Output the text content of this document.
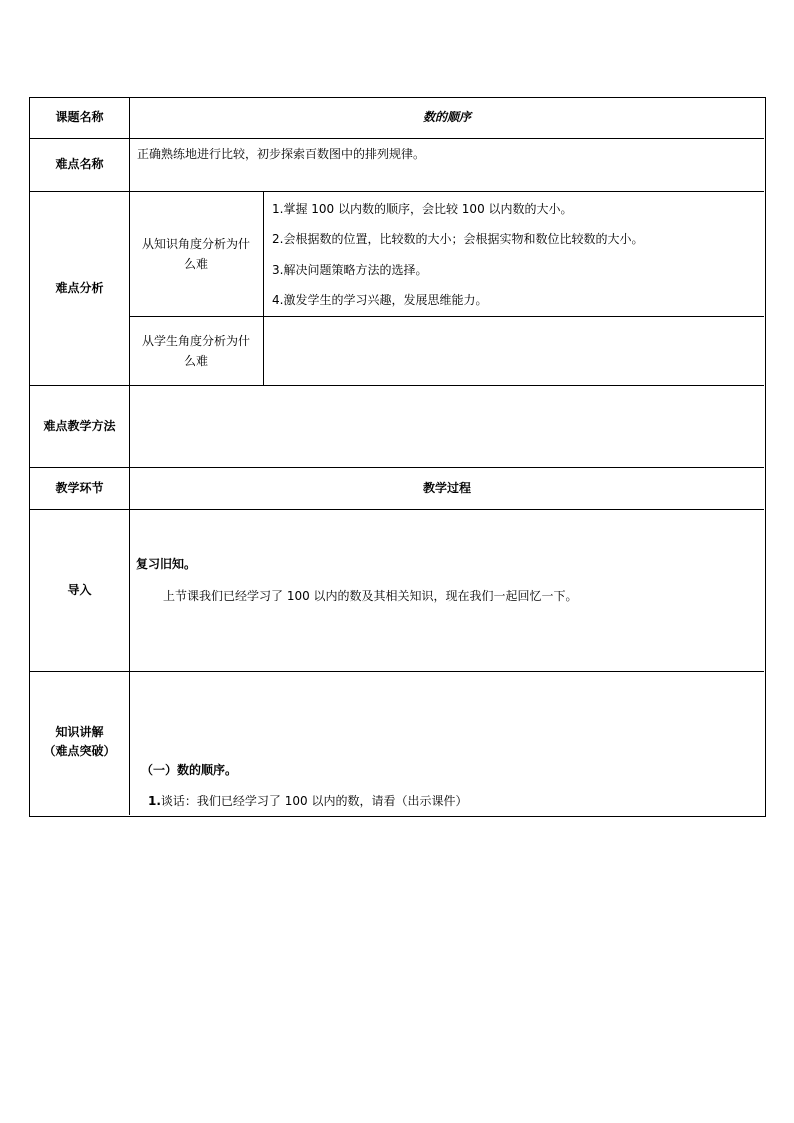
课题名称	数的顺序
难点名称
正确熟练地进行比较，初步探索百数图中的排列规律。
难点分析
从知识角度分析为什么难
1.掌握 100 以内数的顺序，会比较 100 以内数的大小。
2.会根据数的位置，比较数的大小；会根据实物和数位比较数的大小。
3.解决问题策略方法的选择。
4.激发学生的学习兴趣，发展思维能力。
从学生角度分析为什么难
难点教学方法
教学环节	教学过程
导入
复习旧知。
上节课我们已经学习了 100 以内的数及其相关知识，现在我们一起回忆一下。
知识讲解
（难点突破）
（一）数的顺序。
1.谈话：我们已经学习了 100 以内的数，请看（出示课件）
